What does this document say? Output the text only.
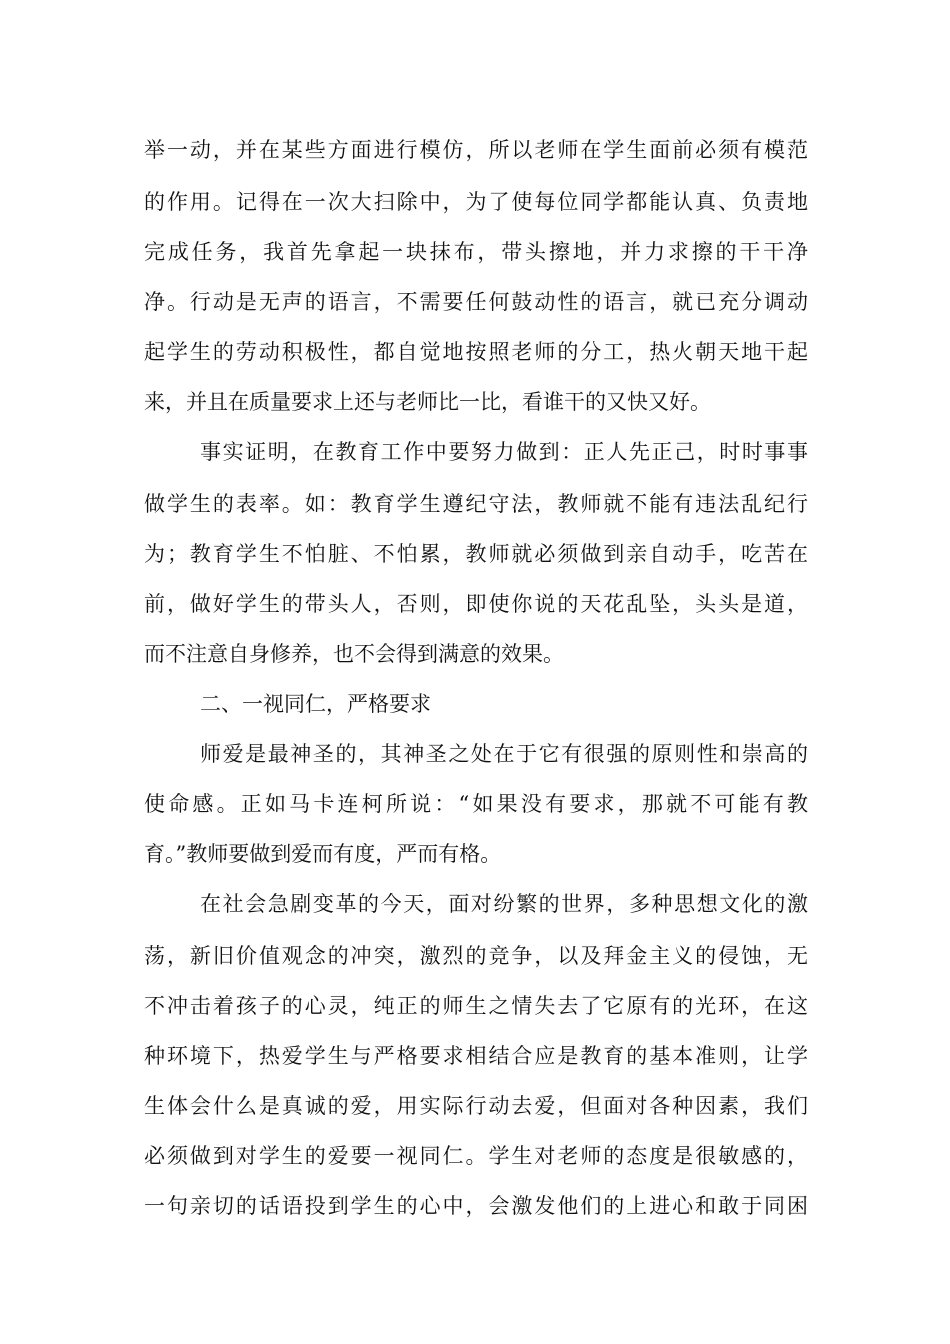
举一动，并在某些方面进行模仿，所以老师在学生面前必须有模范
的作用。记得在一次大扫除中，为了使每位同学都能认真、负责地
完成任务，我首先拿起一块抹布，带头擦地，并力求擦的干干净
净。行动是无声的语言，不需要任何鼓动性的语言，就已充分调动
起学生的劳动积极性，都自觉地按照老师的分工，热火朝天地干起
来，并且在质量要求上还与老师比一比，看谁干的又快又好。
事实证明，在教育工作中要努力做到：正人先正己，时时事事
做学生的表率。如：教育学生遵纪守法，教师就不能有违法乱纪行
为；教育学生不怕脏、不怕累，教师就必须做到亲自动手，吃苦在
前，做好学生的带头人，否则，即使你说的天花乱坠，头头是道，
而不注意自身修养，也不会得到满意的效果。
二、一视同仁，严格要求
师爱是最神圣的，其神圣之处在于它有很强的原则性和崇高的
使命感。正如马卡连柯所说：“如果没有要求，那就不可能有教
育。”教师要做到爱而有度，严而有格。
在社会急剧变革的今天，面对纷繁的世界，多种思想文化的激
荡，新旧价值观念的冲突，激烈的竞争，以及拜金主义的侵蚀，无
不冲击着孩子的心灵，纯正的师生之情失去了它原有的光环，在这
种环境下，热爱学生与严格要求相结合应是教育的基本准则，让学
生体会什么是真诚的爱，用实际行动去爱，但面对各种因素，我们
必须做到对学生的爱要一视同仁。学生对老师的态度是很敏感的，
一句亲切的话语投到学生的心中，会激发他们的上进心和敢于同困
